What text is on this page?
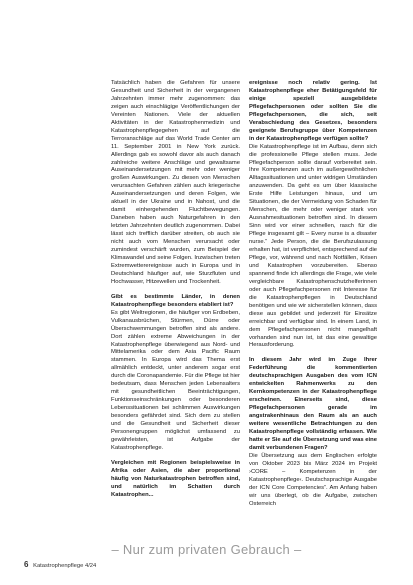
Tatsächlich haben die Gefahren für unsere Gesundheit und Sicherheit in der vergangenen Jahrzehnten immer mehr zugenommen: das zeigen auch einschlägige Veröffentlichungen der Vereinten Nationen. Viele der aktuellen Aktivitäten in der Katastrophenmedizin und Katastrophenpflegegehen auf die Terroranschläge auf das World Trade Center am 11. September 2001 in New York zurück. Allerdings gab es sowohl davor als auch danach zahlreiche weitere Anschläge und gewaltsame Auseinandersetzungen mit mehr oder weniger großen Auswirkungen. Zu diesen von Menschen verursachten Gefahren zählen auch kriegerische Auseinandersetzungen und deren Folgen, wie aktuell in der Ukraine und in Nahost, und die damit einhergehenden Fluchtbewegungen. Daneben haben auch Naturgefahren in den letzten Jahrzehnten deutlich zugenommen. Dabei lässt sich trefflich darüber streiten, ob auch sie nicht auch vom Menschen verursacht oder zumindest verschärft wurden, zum Beispiel der Klimawandel und seine Folgen. Inzwischen treten Extremwetterereignisse auch in Europa und in Deutschland häufiger auf, wie Sturzfluten und Hochwasser, Hitzewellen und Trockenheit.

Gibt es bestimmte Länder, in denen Katastrophenpflege besonders etabliert ist?

Es gibt Weltregionen, die häufiger von Erdbeben, Vulkanausbrüchen, Stürmen, Dürre oder Überschwemmungen betroffen sind als andere. Dort zählen extreme Abweichungen in der Katastrophenpflege überwiegend aus Nord- und Mittelamerika oder dem Asia Pacific Raum stammen. In Europa wird das Thema erst allmählich entdeckt, unter anderem sogar erst durch die Coronapandemie. Für die Pflege ist hier bedeutsam, dass Menschen jeden Lebensalters mit gesundheitlichen Beeinträchtigungen, Funktionseinschränkungen oder besonderen Lebenssituationen bei schlimmen Auswirkungen besonders gefährdet sind. Sich dem zu stellen und die Gesundheit und Sicherheit dieser Personengruppen möglichst umfassend zu gewährleisten, ist Aufgabe der Katastrophenpflege.

Vergleichen mit Regionen beispielsweise in Afrika oder Asien, die aber proportional häufig von Naturkatastrophen betroffen sind, und natürlich im Schatten durch Katastrophen...

ereignisse noch relativ gering. Ist Katastrophenpflege eher Betätigungsfeld für einige speziell ausgebildete Pflegefachpersonen oder sollten Sie die Pflegefachpersonen, die sich, seit Verabschiedung des Gesetzes, besonders geeignete Berufsgruppe über Kompetenzen in der Katastrophenpflege verfügen sollte?

Die Katastrophenpflege ist im Aufbau, denn sich die professionelle Pflege stellen muss. Jede Pflegefachperson sollte darauf vorbereitet sein. Ihre Kompetenzen auch im außergewöhnlichen Alltagssituationen und unter widrigen Umständen anzuwenden. Da geht es um über klassische Erste Hilfe Leistungen hinaus, und um Situationen, die der Vermeidung von Schaden für Menschen, die mehr oder weniger stark von Ausnahmesituationen betroffen sind. In diesem Sinn wird vor einer schnellen, rasch für die Pflege insgesamt gilt – Every nurse is a disaster nurse.“ Jede Person, die die Berufszulassung erhalten hat, ist verpflichtet, entsprechend auf die Pflege, vor, während und nach Notfällen, Krisen und Katastrophen vorzubereiten. Ebenso spannend finde ich allerdings die Frage, wie viele vergleichbare Katastrophenschutzhelferinnen oder auch Pflegefachpersonen mit Interesse für die Katastrophenpflegen in Deutschland benötigen und wie wir sicherstellen können, dass diese aus gebildet und jederzeit für Einsätze erreichbar und verfügbar sind. In einem Land, in dem Pflegefachpersonen nicht mangelhaft vorhanden sind nun ist, ist das eine gewaltige Herausforderung.

In diesem Jahr wird im Zuge Ihrer Federführung die kommentierten deutschsprachigen Ausgaben des vom ICN entwickelten Rahmenwerks zu den Kernkompetenzen in der Katastrophenpflege erscheinen. Einerseits sind, diese Pflegefachpersonen gerade im angstrakenhinaus den Raum als an auch weitere wesentliche Betrachtungen zu den Katastrophenpflege vollständig erfassen. Wie hatte er Sie auf die Übersetzung und was eine damit verbundenen Fragen?

Die Übersetzung aus dem Englischen erfolgte von Oktober 2023 bis März 2024 im Projekt ›CORE – Kompetenzen in der Katastrophenpflege‹. Deutschsprachige Ausgabe der ICN Core Competencies“. Am Anfang haben wir uns überlegt, ob die Aufgabe, zwischen Osterreich

– Nur zum privaten Gebrauch –
6 Katastrophenpflege 4/24
